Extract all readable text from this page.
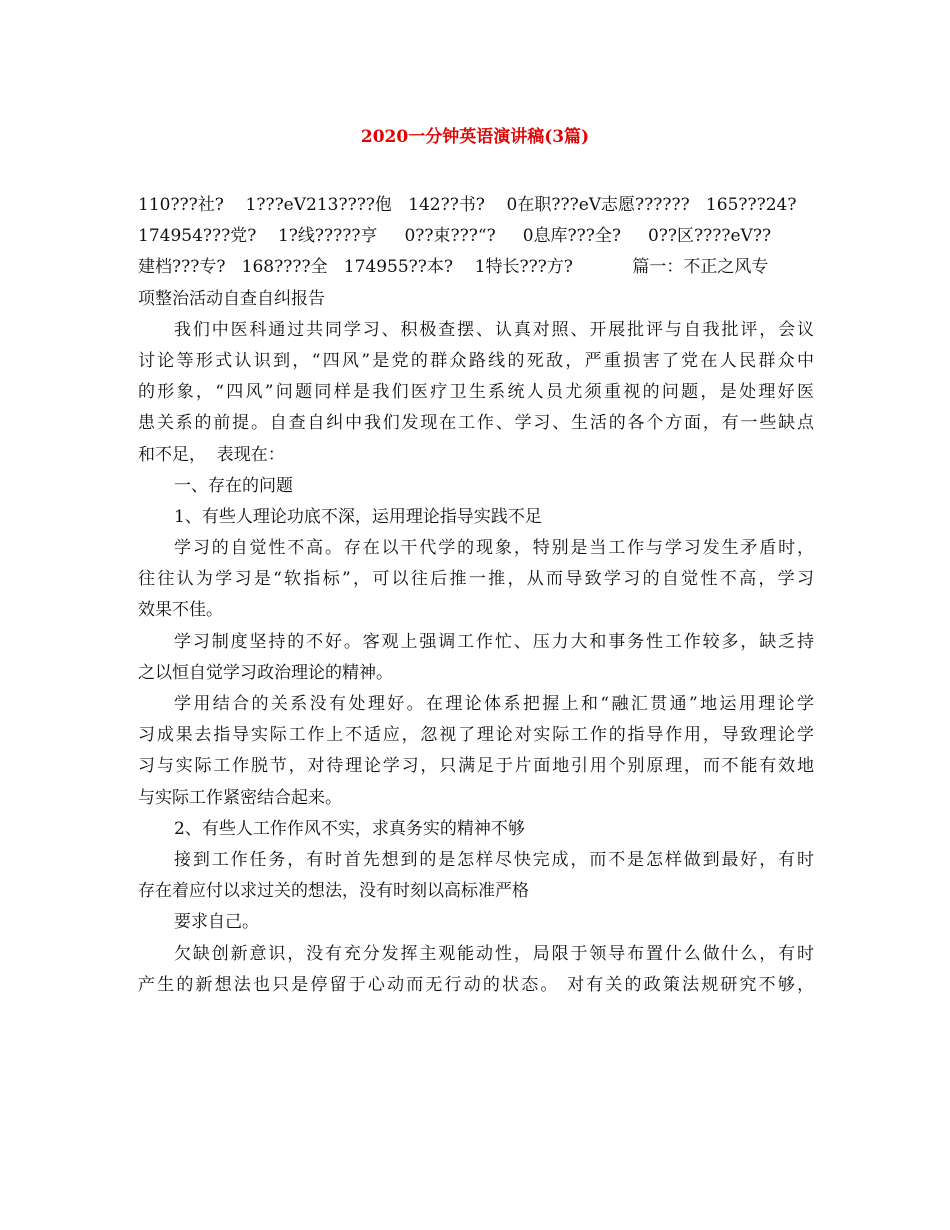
2020一分钟英语演讲稿(3篇)
110???社?    1???eV213????佨   142??书?    0在职???eV志愿??????   165???24?
174954???党?    1?线?????亨     0??束???“?     0息库???全?     0??区????eV??
建档???专?   168????全   174955??本?    1特长???方?           篇一：不正之风专
项整治活动自查自纠报告
我们中医科通过共同学习、积极查摆、认真对照、开展批评与自我批评，会议
讨论等形式认识到，“四风”是党的群众路线的死敌，严重损害了党在人民群众中
的形象，“四风”问题同样是我们医疗卫生系统人员尤须重视的问题，是处理好医
患关系的前提。自查自纠中我们发现在工作、学习、生活的各个方面，有一些缺点
和不足，  表现在：
一、存在的问题
1、有些人理论功底不深，运用理论指导实践不足
学习的自觉性不高。存在以干代学的现象，特别是当工作与学习发生矛盾时，
往往认为学习是“软指标”，可以往后推一推，从而导致学习的自觉性不高，学习
效果不佳。
学习制度坚持的不好。客观上强调工作忙、压力大和事务性工作较多，缺乏持
之以恒自觉学习政治理论的精神。
学用结合的关系没有处理好。在理论体系把握上和“融汇贯通”地运用理论学
习成果去指导实际工作上不适应，忽视了理论对实际工作的指导作用，导致理论学
习与实际工作脱节，对待理论学习，只满足于片面地引用个别原理，而不能有效地
与实际工作紧密结合起来。
2、有些人工作作风不实，求真务实的精神不够
接到工作任务，有时首先想到的是怎样尽快完成，而不是怎样做到最好，有时
存在着应付以求过关的想法，没有时刻以高标准严格
要求自己。
欠缺创新意识，没有充分发挥主观能动性，局限于领导布置什么做什么，有时
产生的新想法也只是停留于心动而无行动的状态。 对有关的政策法规研究不够，
